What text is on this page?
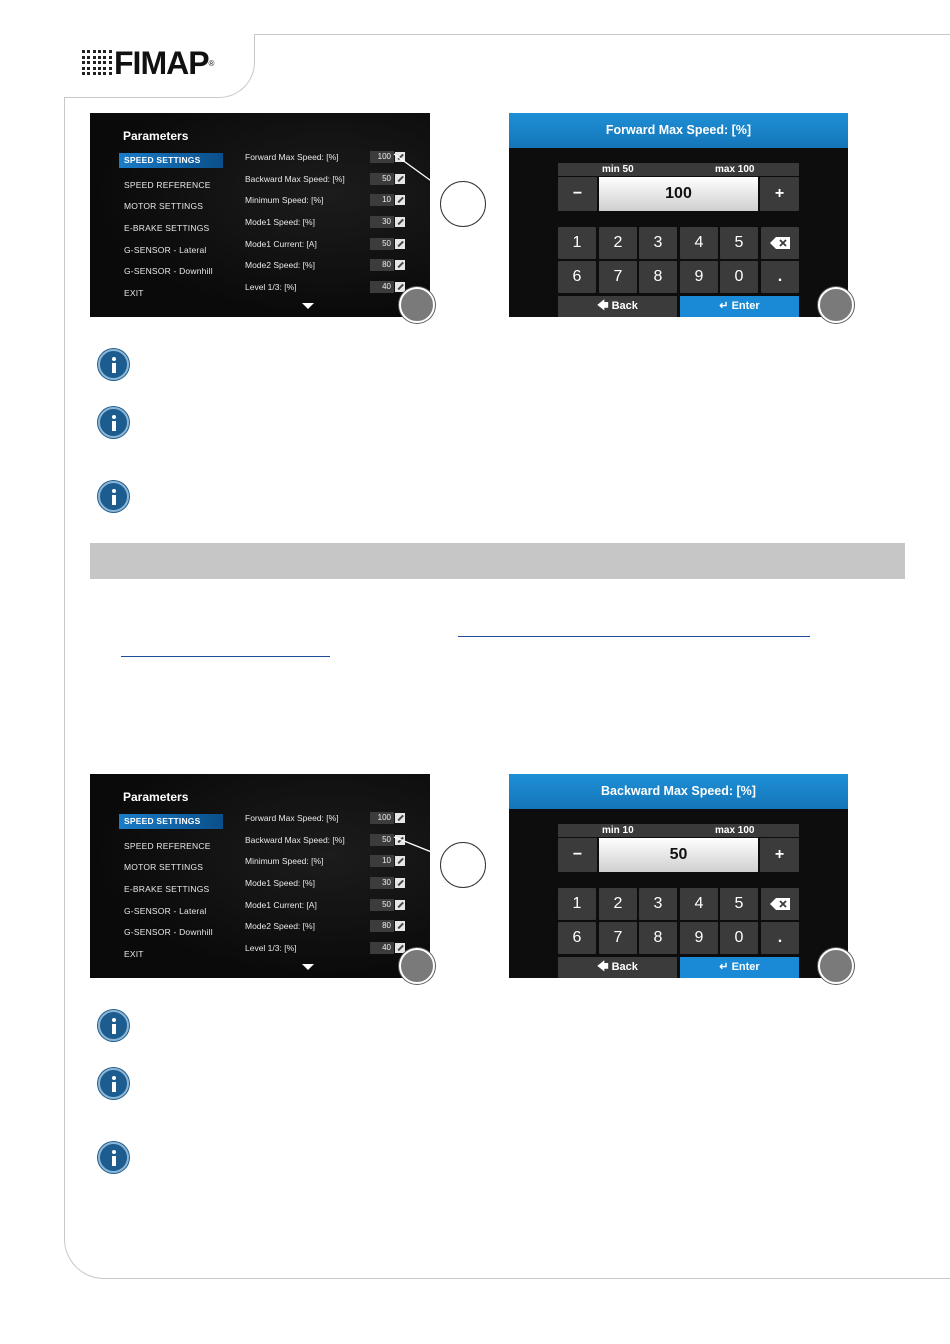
FIMAP ®
Parameters
SPEED SETTINGS
SPEED REFERENCE
MOTOR SETTINGS
E-BRAKE SETTINGS
G-SENSOR - Lateral
G-SENSOR - Downhill
EXIT
Forward Max Speed: [%]	100
Backward Max Speed: [%]	50
Minimum Speed: [%]	10
Mode1 Speed: [%]	30
Mode1 Current: [A]	50
Mode2 Speed: [%]	80
Level 1/3: [%]	40
Forward Max Speed: [%]
min 50	max 100
−	100	+
1	2	3	4	5
6	7	8	9	0	.
🡄 Back	↵ Enter
Parameters
SPEED SETTINGS
SPEED REFERENCE
MOTOR SETTINGS
E-BRAKE SETTINGS
G-SENSOR - Lateral
G-SENSOR - Downhill
EXIT
Forward Max Speed: [%]	100
Backward Max Speed: [%]	50
Minimum Speed: [%]	10
Mode1 Speed: [%]	30
Mode1 Current: [A]	50
Mode2 Speed: [%]	80
Level 1/3: [%]	40
Backward Max Speed: [%]
min 10	max 100
−	50	+
1	2	3	4	5
6	7	8	9	0	.
🡄 Back	↵ Enter
